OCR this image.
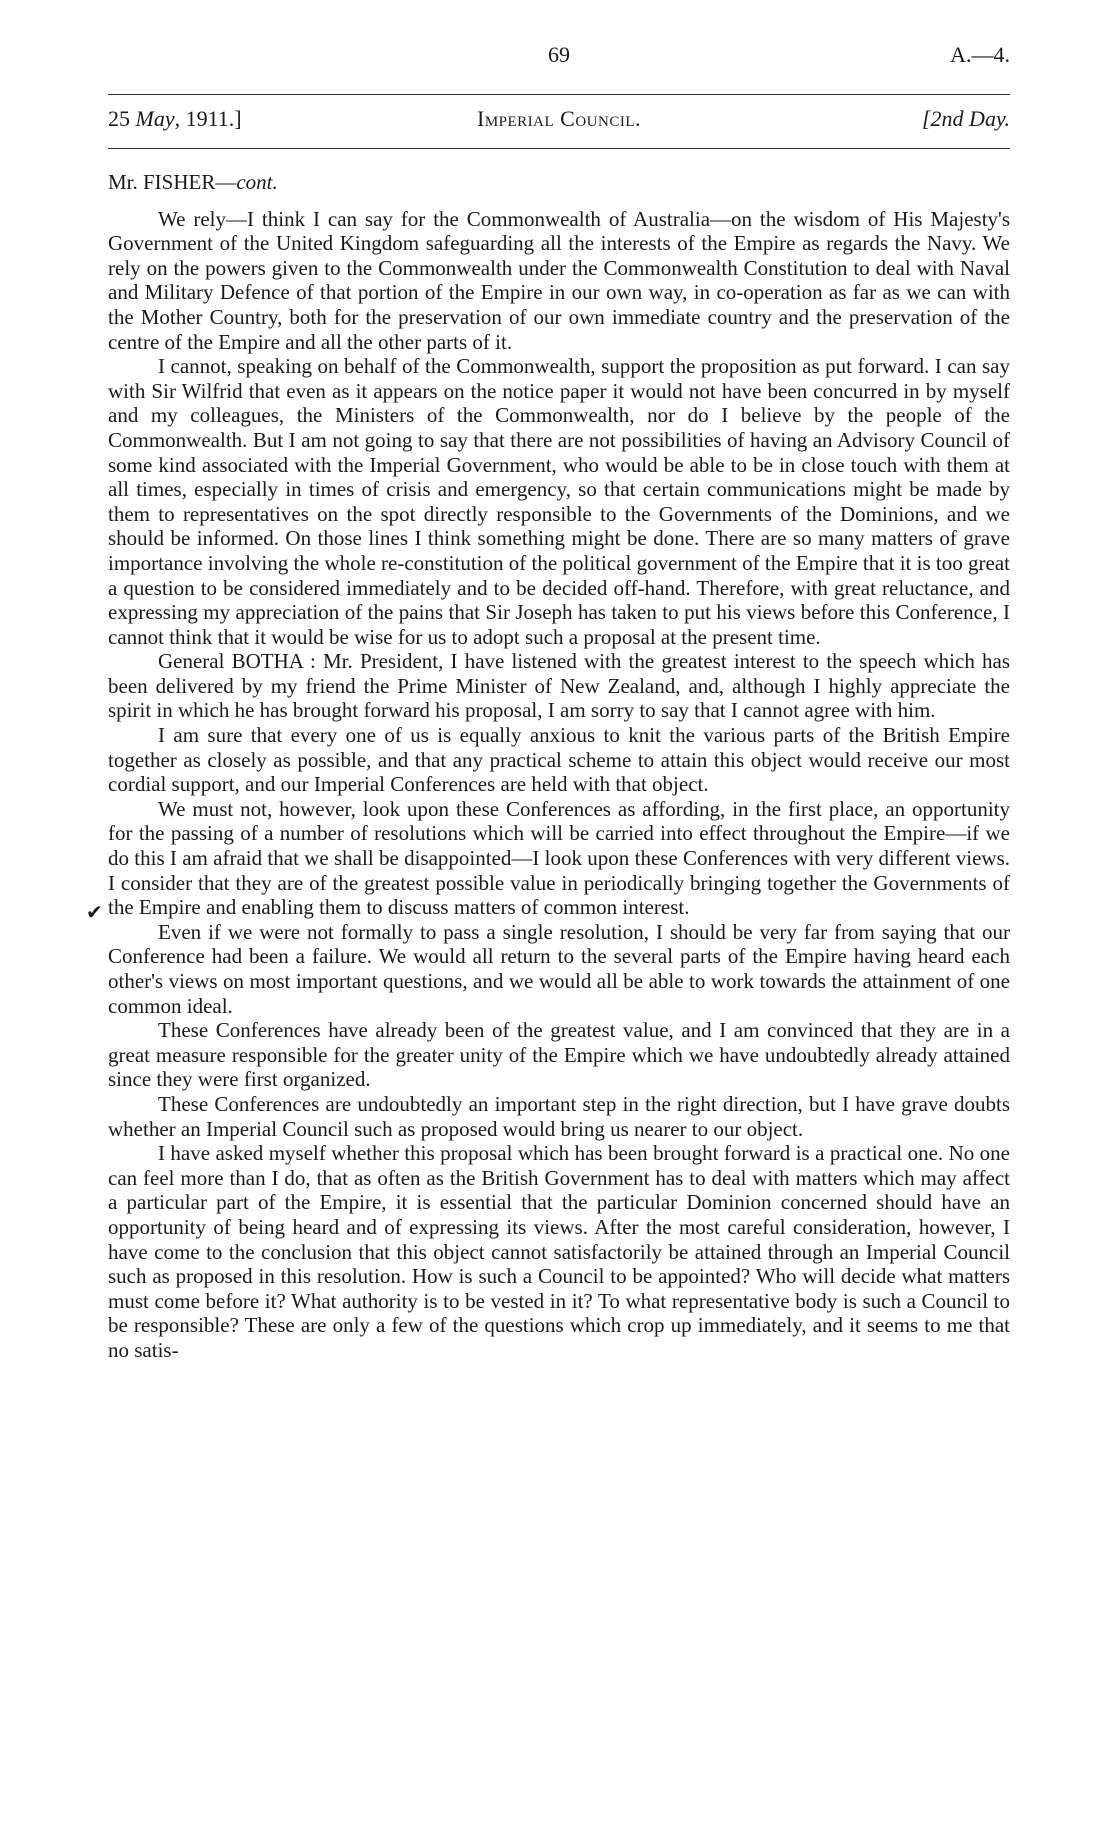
69	A.—4.
25 May, 1911.]	Imperial Council.	[2nd Day.
✔
Mr. FISHER—cont.

We rely—I think I can say for the Commonwealth of Australia—on the wisdom of His Majesty's Government of the United Kingdom safeguarding all the interests of the Empire as regards the Navy. We rely on the powers given to the Commonwealth under the Commonwealth Constitution to deal with Naval and Military Defence of that portion of the Empire in our own way, in co-operation as far as we can with the Mother Country, both for the preservation of our own immediate country and the preservation of the centre of the Empire and all the other parts of it.

I cannot, speaking on behalf of the Commonwealth, support the proposition as put forward. I can say with Sir Wilfrid that even as it appears on the notice paper it would not have been concurred in by myself and my colleagues, the Ministers of the Commonwealth, nor do I believe by the people of the Commonwealth. But I am not going to say that there are not possibilities of having an Advisory Council of some kind associated with the Imperial Government, who would be able to be in close touch with them at all times, especially in times of crisis and emergency, so that certain communications might be made by them to representatives on the spot directly responsible to the Governments of the Dominions, and we should be informed. On those lines I think something might be done. There are so many matters of grave importance involving the whole re-constitution of the political government of the Empire that it is too great a question to be considered immediately and to be decided off-hand. Therefore, with great reluctance, and expressing my appreciation of the pains that Sir Joseph has taken to put his views before this Conference, I cannot think that it would be wise for us to adopt such a proposal at the present time.

General BOTHA : Mr. President, I have listened with the greatest interest to the speech which has been delivered by my friend the Prime Minister of New Zealand, and, although I highly appreciate the spirit in which he has brought forward his proposal, I am sorry to say that I cannot agree with him.

I am sure that every one of us is equally anxious to knit the various parts of the British Empire together as closely as possible, and that any practical scheme to attain this object would receive our most cordial support, and our Imperial Conferences are held with that object.

We must not, however, look upon these Conferences as affording, in the first place, an opportunity for the passing of a number of resolutions which will be carried into effect throughout the Empire—if we do this I am afraid that we shall be disappointed—I look upon these Conferences with very different views. I consider that they are of the greatest possible value in periodically bringing together the Governments of the Empire and enabling them to discuss matters of common interest.

Even if we were not formally to pass a single resolution, I should be very far from saying that our Conference had been a failure. We would all return to the several parts of the Empire having heard each other's views on most important questions, and we would all be able to work towards the attainment of one common ideal.

These Conferences have already been of the greatest value, and I am convinced that they are in a great measure responsible for the greater unity of the Empire which we have undoubtedly already attained since they were first organized.

These Conferences are undoubtedly an important step in the right direction, but I have grave doubts whether an Imperial Council such as proposed would bring us nearer to our object.

I have asked myself whether this proposal which has been brought forward is a practical one. No one can feel more than I do, that as often as the British Government has to deal with matters which may affect a particular part of the Empire, it is essential that the particular Dominion concerned should have an opportunity of being heard and of expressing its views. After the most careful consideration, however, I have come to the conclusion that this object cannot satisfactorily be attained through an Imperial Council such as proposed in this resolution. How is such a Council to be appointed? Who will decide what matters must come before it? What authority is to be vested in it? To what representative body is such a Council to be responsible? These are only a few of the questions which crop up immediately, and it seems to me that no satis-
